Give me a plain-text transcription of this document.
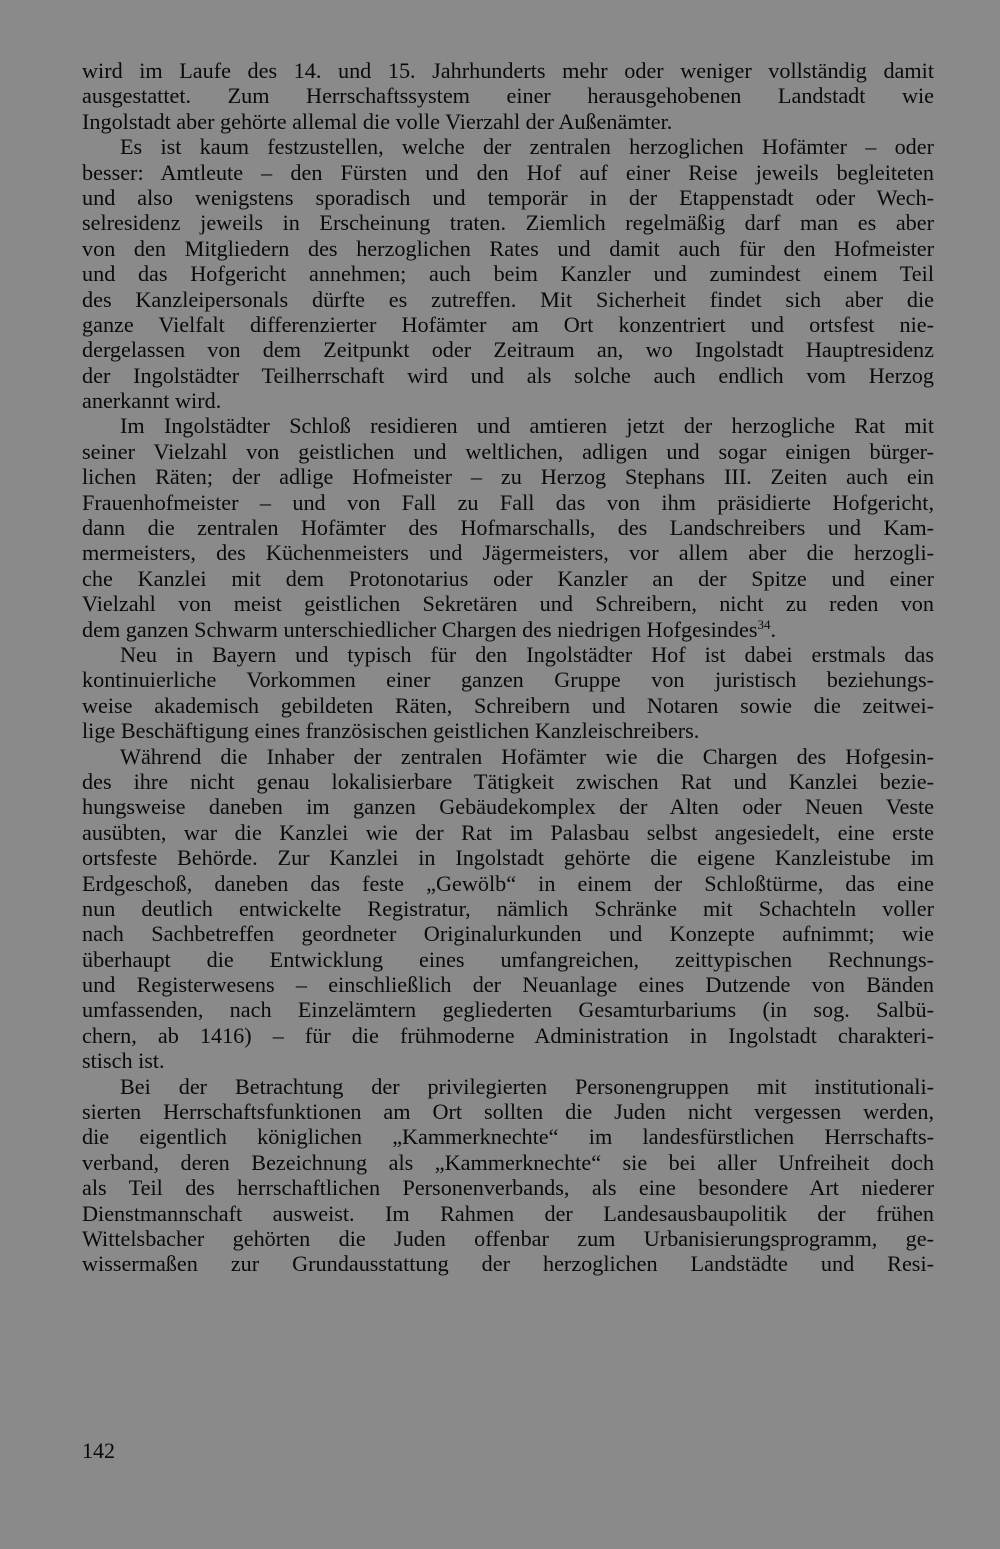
wird im Laufe des 14. und 15. Jahrhunderts mehr oder weniger vollständig damit
ausgestattet. Zum Herrschaftssystem einer herausgehobenen Landstadt wie
Ingolstadt aber gehörte allemal die volle Vierzahl der Außenämter.
Es ist kaum festzustellen, welche der zentralen herzoglichen Hofämter – oder
besser: Amtleute – den Fürsten und den Hof auf einer Reise jeweils begleiteten
und also wenigstens sporadisch und temporär in der Etappenstadt oder Wech-
selresidenz jeweils in Erscheinung traten. Ziemlich regelmäßig darf man es aber
von den Mitgliedern des herzoglichen Rates und damit auch für den Hofmeister
und das Hofgericht annehmen; auch beim Kanzler und zumindest einem Teil
des Kanzleipersonals dürfte es zutreffen. Mit Sicherheit findet sich aber die
ganze Vielfalt differenzierter Hofämter am Ort konzentriert und ortsfest nie-
dergelassen von dem Zeitpunkt oder Zeitraum an, wo Ingolstadt Hauptresidenz
der Ingolstädter Teilherrschaft wird und als solche auch endlich vom Herzog
anerkannt wird.
Im Ingolstädter Schloß residieren und amtieren jetzt der herzogliche Rat mit
seiner Vielzahl von geistlichen und weltlichen, adligen und sogar einigen bürger-
lichen Räten; der adlige Hofmeister – zu Herzog Stephans III. Zeiten auch ein
Frauenhofmeister – und von Fall zu Fall das von ihm präsidierte Hofgericht,
dann die zentralen Hofämter des Hofmarschalls, des Landschreibers und Kam-
mermeisters, des Küchenmeisters und Jägermeisters, vor allem aber die herzogli-
che Kanzlei mit dem Protonotarius oder Kanzler an der Spitze und einer
Vielzahl von meist geistlichen Sekretären und Schreibern, nicht zu reden von
dem ganzen Schwarm unterschiedlicher Chargen des niedrigen Hofgesindes$^{34}$.
Neu in Bayern und typisch für den Ingolstädter Hof ist dabei erstmals das
kontinuierliche Vorkommen einer ganzen Gruppe von juristisch beziehungs-
weise akademisch gebildeten Räten, Schreibern und Notaren sowie die zeitwei-
lige Beschäftigung eines französischen geistlichen Kanzleischreibers.
Während die Inhaber der zentralen Hofämter wie die Chargen des Hofgesin-
des ihre nicht genau lokalisierbare Tätigkeit zwischen Rat und Kanzlei bezie-
hungsweise daneben im ganzen Gebäudekomplex der Alten oder Neuen Veste
ausübten, war die Kanzlei wie der Rat im Palasbau selbst angesiedelt, eine erste
ortsfeste Behörde. Zur Kanzlei in Ingolstadt gehörte die eigene Kanzleistube im
Erdgeschoß, daneben das feste „Gewölb“ in einem der Schloßtürme, das eine
nun deutlich entwickelte Registratur, nämlich Schränke mit Schachteln voller
nach Sachbetreffen geordneter Originalurkunden und Konzepte aufnimmt; wie
überhaupt die Entwicklung eines umfangreichen, zeittypischen Rechnungs-
und Registerwesens – einschließlich der Neuanlage eines Dutzende von Bänden
umfassenden, nach Einzelämtern gegliederten Gesamturbariums (in sog. Salbü-
chern, ab 1416) – für die frühmoderne Administration in Ingolstadt charakteri-
stisch ist.
Bei der Betrachtung der privilegierten Personengruppen mit institutionali-
sierten Herrschaftsfunktionen am Ort sollten die Juden nicht vergessen werden,
die eigentlich königlichen „Kammerknechte“ im landesfürstlichen Herrschafts-
verband, deren Bezeichnung als „Kammerknechte“ sie bei aller Unfreiheit doch
als Teil des herrschaftlichen Personenverbands, als eine besondere Art niederer
Dienstmannschaft ausweist. Im Rahmen der Landesausbaupolitik der frühen
Wittelsbacher gehörten die Juden offenbar zum Urbanisierungsprogramm, ge-
wissermaßen zur Grundausstattung der herzoglichen Landstädte und Resi-
142
